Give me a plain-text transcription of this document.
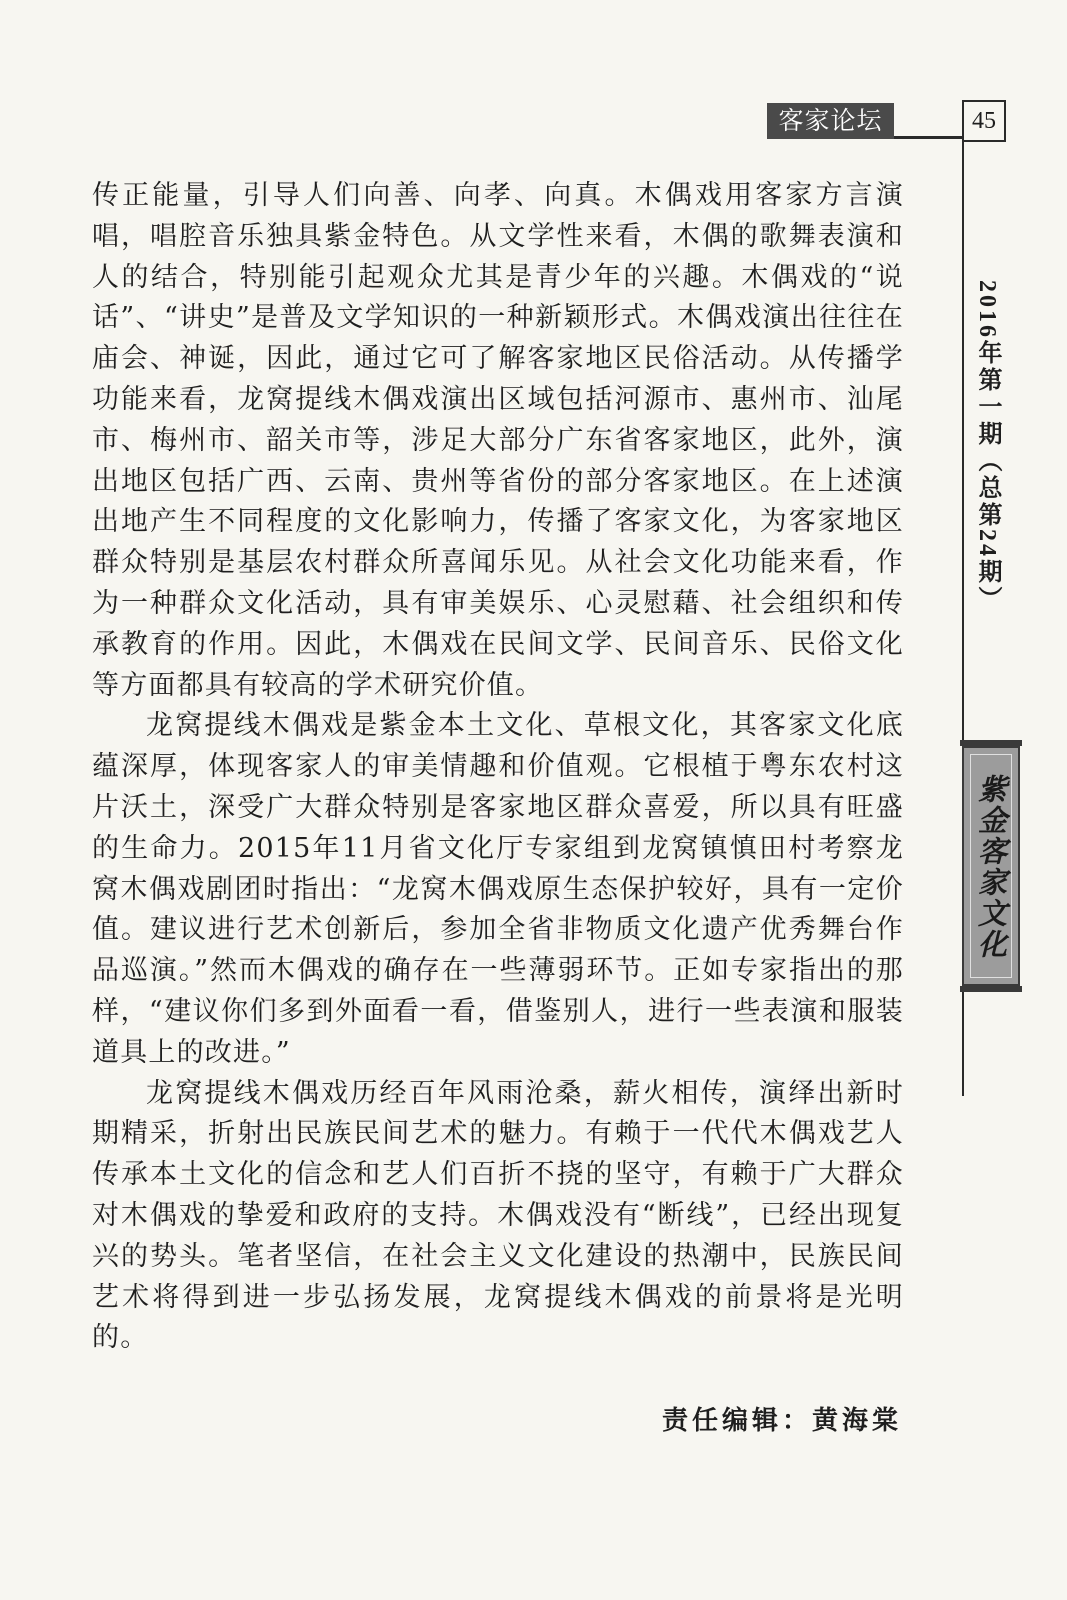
客家论坛	45
2016年第一期（总第24期）
紫金客家文化

传正能量，引导人们向善、向孝、向真。木偶戏用客家方言演唱，唱腔音乐独具紫金特色。从文学性来看，木偶的歌舞表演和人的结合，特别能引起观众尤其是青少年的兴趣。木偶戏的“说话”、“讲史”是普及文学知识的一种新颖形式。木偶戏演出往往在庙会、神诞，因此，通过它可了解客家地区民俗活动。从传播学功能来看，龙窝提线木偶戏演出区域包括河源市、惠州市、汕尾市、梅州市、韶关市等，涉足大部分广东省客家地区，此外，演出地区包括广西、云南、贵州等省份的部分客家地区。在上述演出地产生不同程度的文化影响力，传播了客家文化，为客家地区群众特别是基层农村群众所喜闻乐见。从社会文化功能来看，作为一种群众文化活动，具有审美娱乐、心灵慰藉、社会组织和传承教育的作用。因此，木偶戏在民间文学、民间音乐、民俗文化等方面都具有较高的学术研究价值。

龙窝提线木偶戏是紫金本土文化、草根文化，其客家文化底蕴深厚，体现客家人的审美情趣和价值观。它根植于粤东农村这片沃土，深受广大群众特别是客家地区群众喜爱，所以具有旺盛的生命力。2015年11月省文化厅专家组到龙窝镇慎田村考察龙窝木偶戏剧团时指出：“龙窝木偶戏原生态保护较好，具有一定价值。建议进行艺术创新后，参加全省非物质文化遗产优秀舞台作品巡演。”然而木偶戏的确存在一些薄弱环节。正如专家指出的那样，“建议你们多到外面看一看，借鉴别人，进行一些表演和服装道具上的改进。”

龙窝提线木偶戏历经百年风雨沧桑，薪火相传，演绎出新时期精采，折射出民族民间艺术的魅力。有赖于一代代木偶戏艺人传承本土文化的信念和艺人们百折不挠的坚守，有赖于广大群众对木偶戏的挚爱和政府的支持。木偶戏没有“断线”，已经出现复兴的势头。笔者坚信，在社会主义文化建设的热潮中，民族民间艺术将得到进一步弘扬发展，龙窝提线木偶戏的前景将是光明的。

责任编辑：黄海棠
